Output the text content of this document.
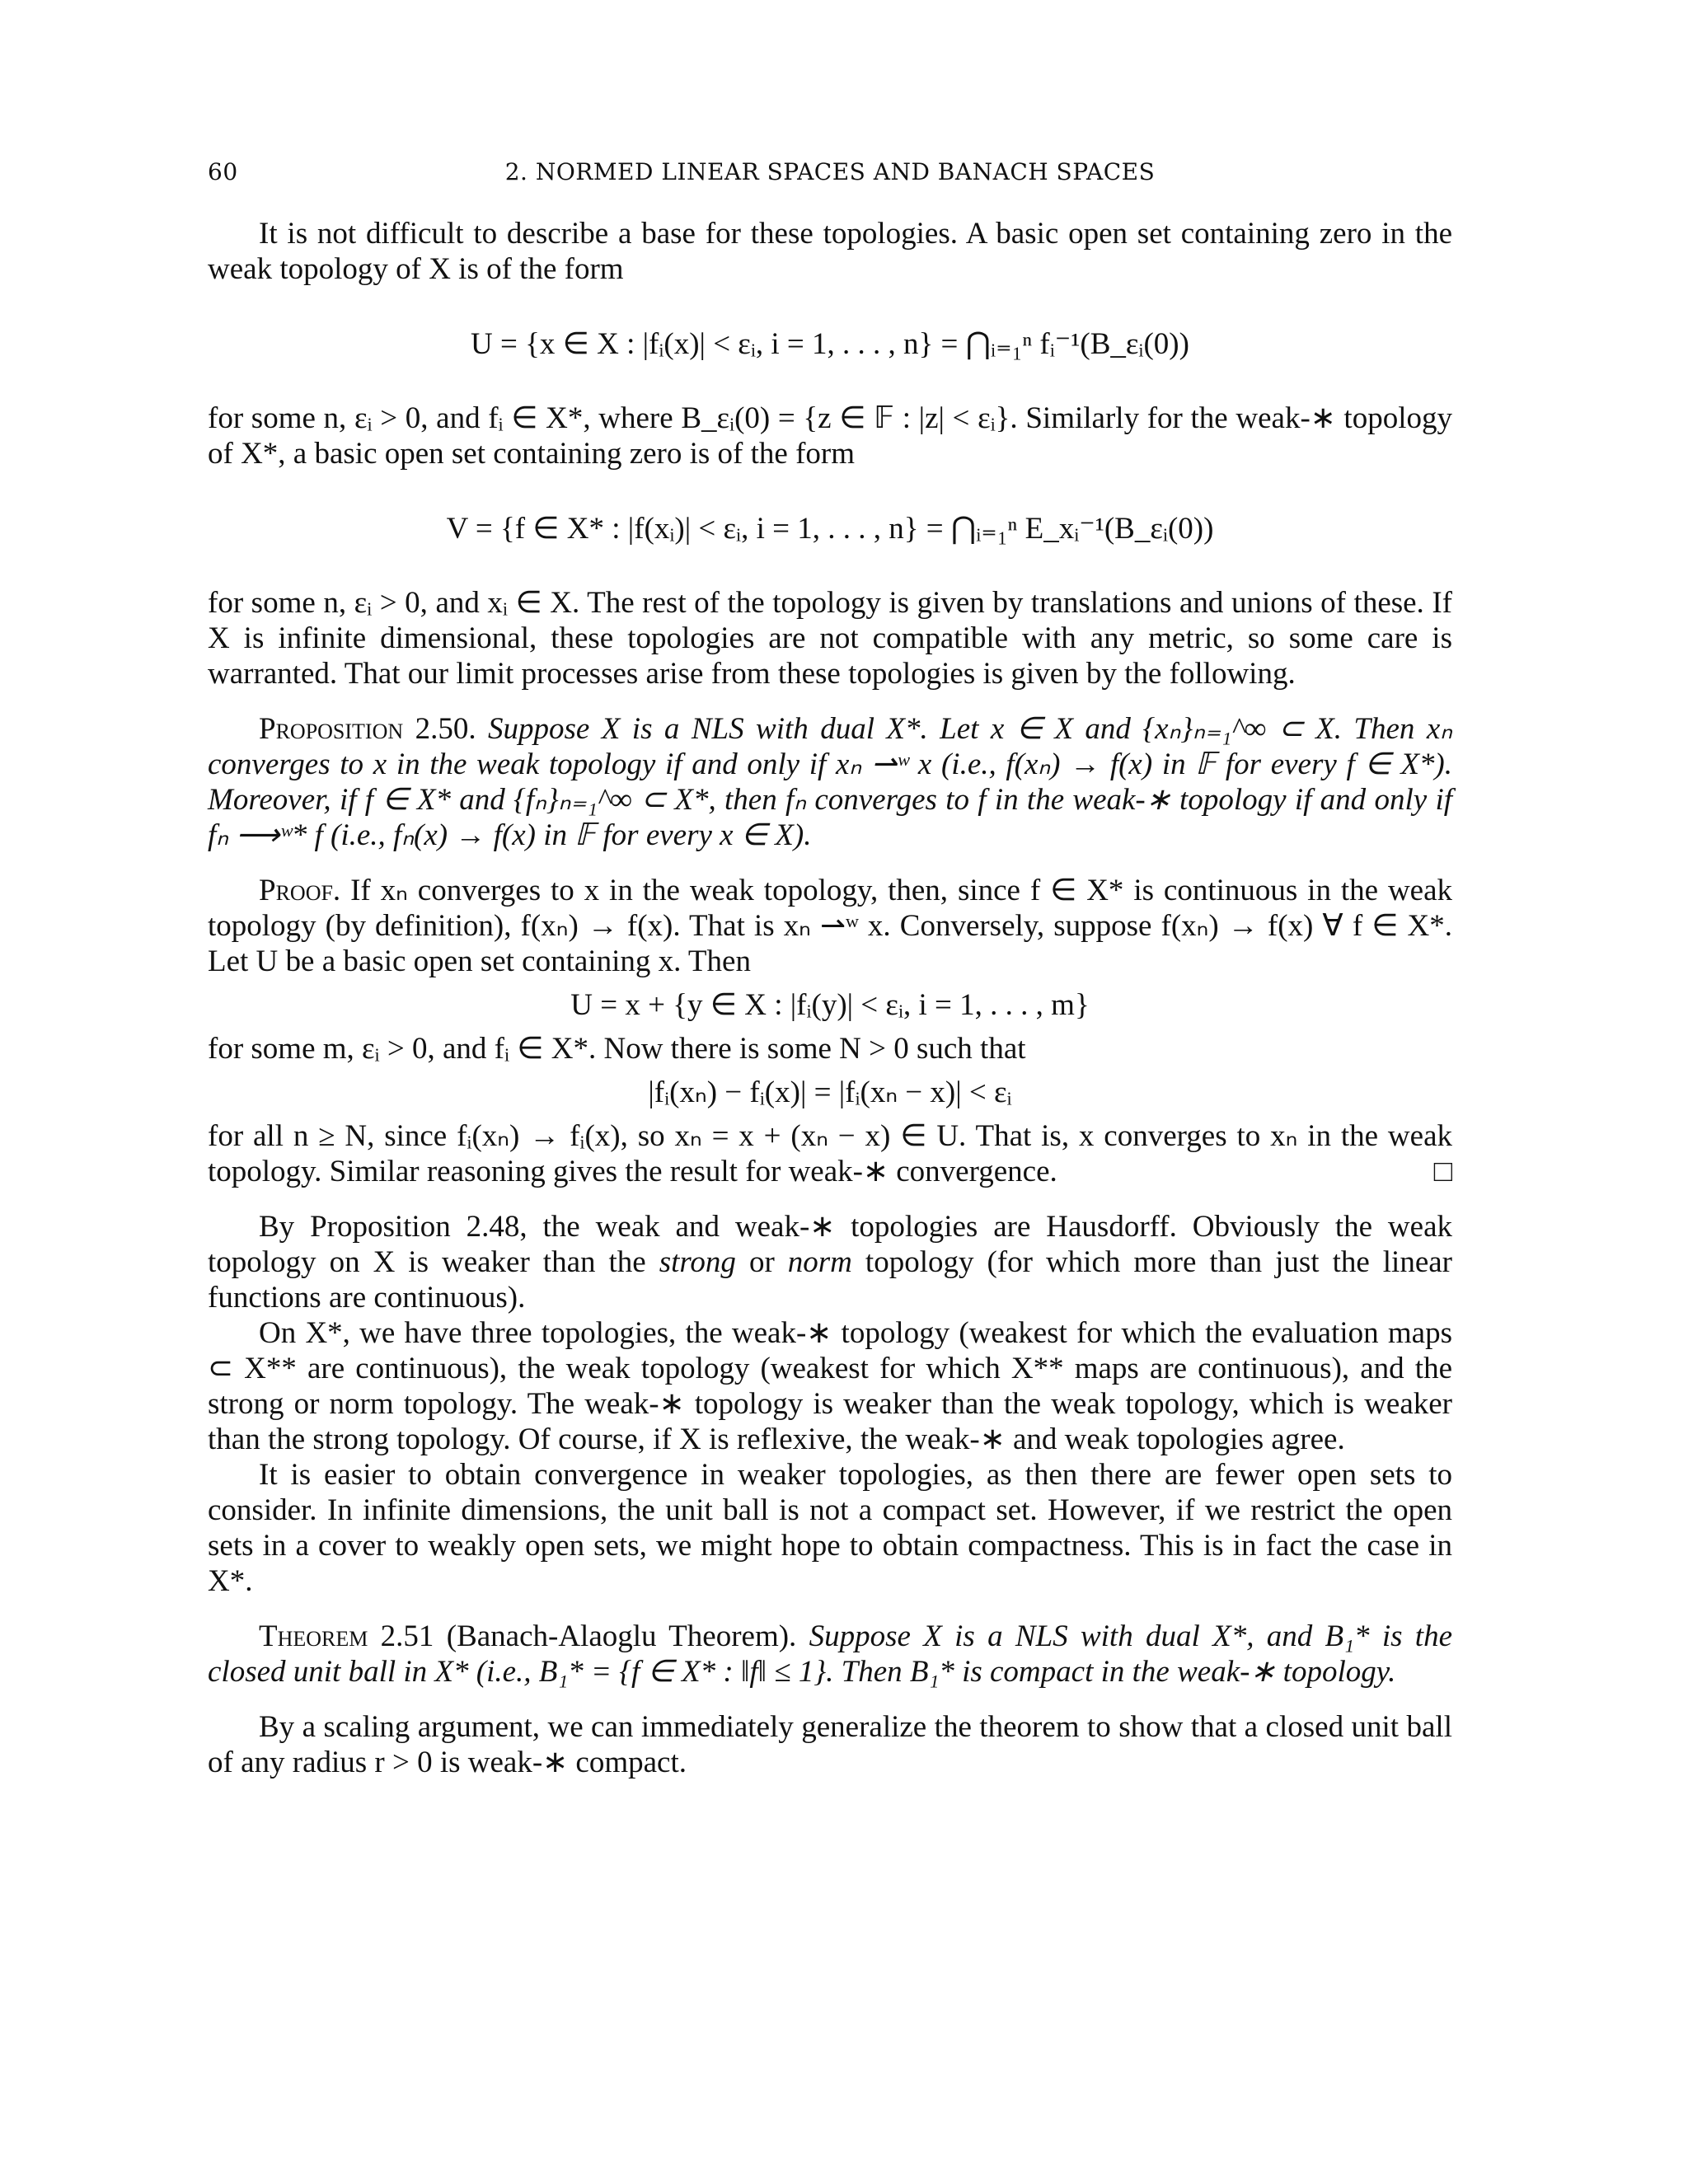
60	2. NORMED LINEAR SPACES AND BANACH SPACES

It is not difficult to describe a base for these topologies. A basic open set containing zero in the weak topology of X is of the form

U = {x ∈ X : |fᵢ(x)| < εᵢ, i = 1, . . . , n} = ⋂ᵢ₌₁ⁿ fᵢ⁻¹(B_εᵢ(0))

for some n, εᵢ > 0, and fᵢ ∈ X*, where B_εᵢ(0) = {z ∈ 𝔽 : |z| < εᵢ}. Similarly for the weak-∗ topology of X*, a basic open set containing zero is of the form

V = {f ∈ X* : |f(xᵢ)| < εᵢ, i = 1, . . . , n} = ⋂ᵢ₌₁ⁿ E_xᵢ⁻¹(B_εᵢ(0))

for some n, εᵢ > 0, and xᵢ ∈ X. The rest of the topology is given by translations and unions of these. If X is infinite dimensional, these topologies are not compatible with any metric, so some care is warranted. That our limit processes arise from these topologies is given by the following.

Proposition 2.50. Suppose X is a NLS with dual X*. Let x ∈ X and {xₙ}ₙ₌₁^∞ ⊂ X. Then xₙ converges to x in the weak topology if and only if xₙ ⇀ʷ x (i.e., f(xₙ) → f(x) in 𝔽 for every f ∈ X*). Moreover, if f ∈ X* and {fₙ}ₙ₌₁^∞ ⊂ X*, then fₙ converges to f in the weak-∗ topology if and only if fₙ ⟶ʷ* f (i.e., fₙ(x) → f(x) in 𝔽 for every x ∈ X).

Proof. If xₙ converges to x in the weak topology, then, since f ∈ X* is continuous in the weak topology (by definition), f(xₙ) → f(x). That is xₙ ⇀ʷ x. Conversely, suppose f(xₙ) → f(x) ∀ f ∈ X*. Let U be a basic open set containing x. Then

U = x + {y ∈ X : |fᵢ(y)| < εᵢ, i = 1, . . . , m}

for some m, εᵢ > 0, and fᵢ ∈ X*. Now there is some N > 0 such that

|fᵢ(xₙ) − fᵢ(x)| = |fᵢ(xₙ − x)| < εᵢ

for all n ≥ N, since fᵢ(xₙ) → fᵢ(x), so xₙ = x + (xₙ − x) ∈ U. That is, x converges to xₙ in the weak topology. Similar reasoning gives the result for weak-∗ convergence.	□

By Proposition 2.48, the weak and weak-∗ topologies are Hausdorff. Obviously the weak topology on X is weaker than the strong or norm topology (for which more than just the linear functions are continuous).

On X*, we have three topologies, the weak-∗ topology (weakest for which the evaluation maps ⊂ X** are continuous), the weak topology (weakest for which X** maps are continuous), and the strong or norm topology. The weak-∗ topology is weaker than the weak topology, which is weaker than the strong topology. Of course, if X is reflexive, the weak-∗ and weak topologies agree.

It is easier to obtain convergence in weaker topologies, as then there are fewer open sets to consider. In infinite dimensions, the unit ball is not a compact set. However, if we restrict the open sets in a cover to weakly open sets, we might hope to obtain compactness. This is in fact the case in X*.

Theorem 2.51 (Banach-Alaoglu Theorem). Suppose X is a NLS with dual X*, and B₁* is the closed unit ball in X* (i.e., B₁* = {f ∈ X* : ‖f‖ ≤ 1}. Then B₁* is compact in the weak-∗ topology.

By a scaling argument, we can immediately generalize the theorem to show that a closed unit ball of any radius r > 0 is weak-∗ compact.
